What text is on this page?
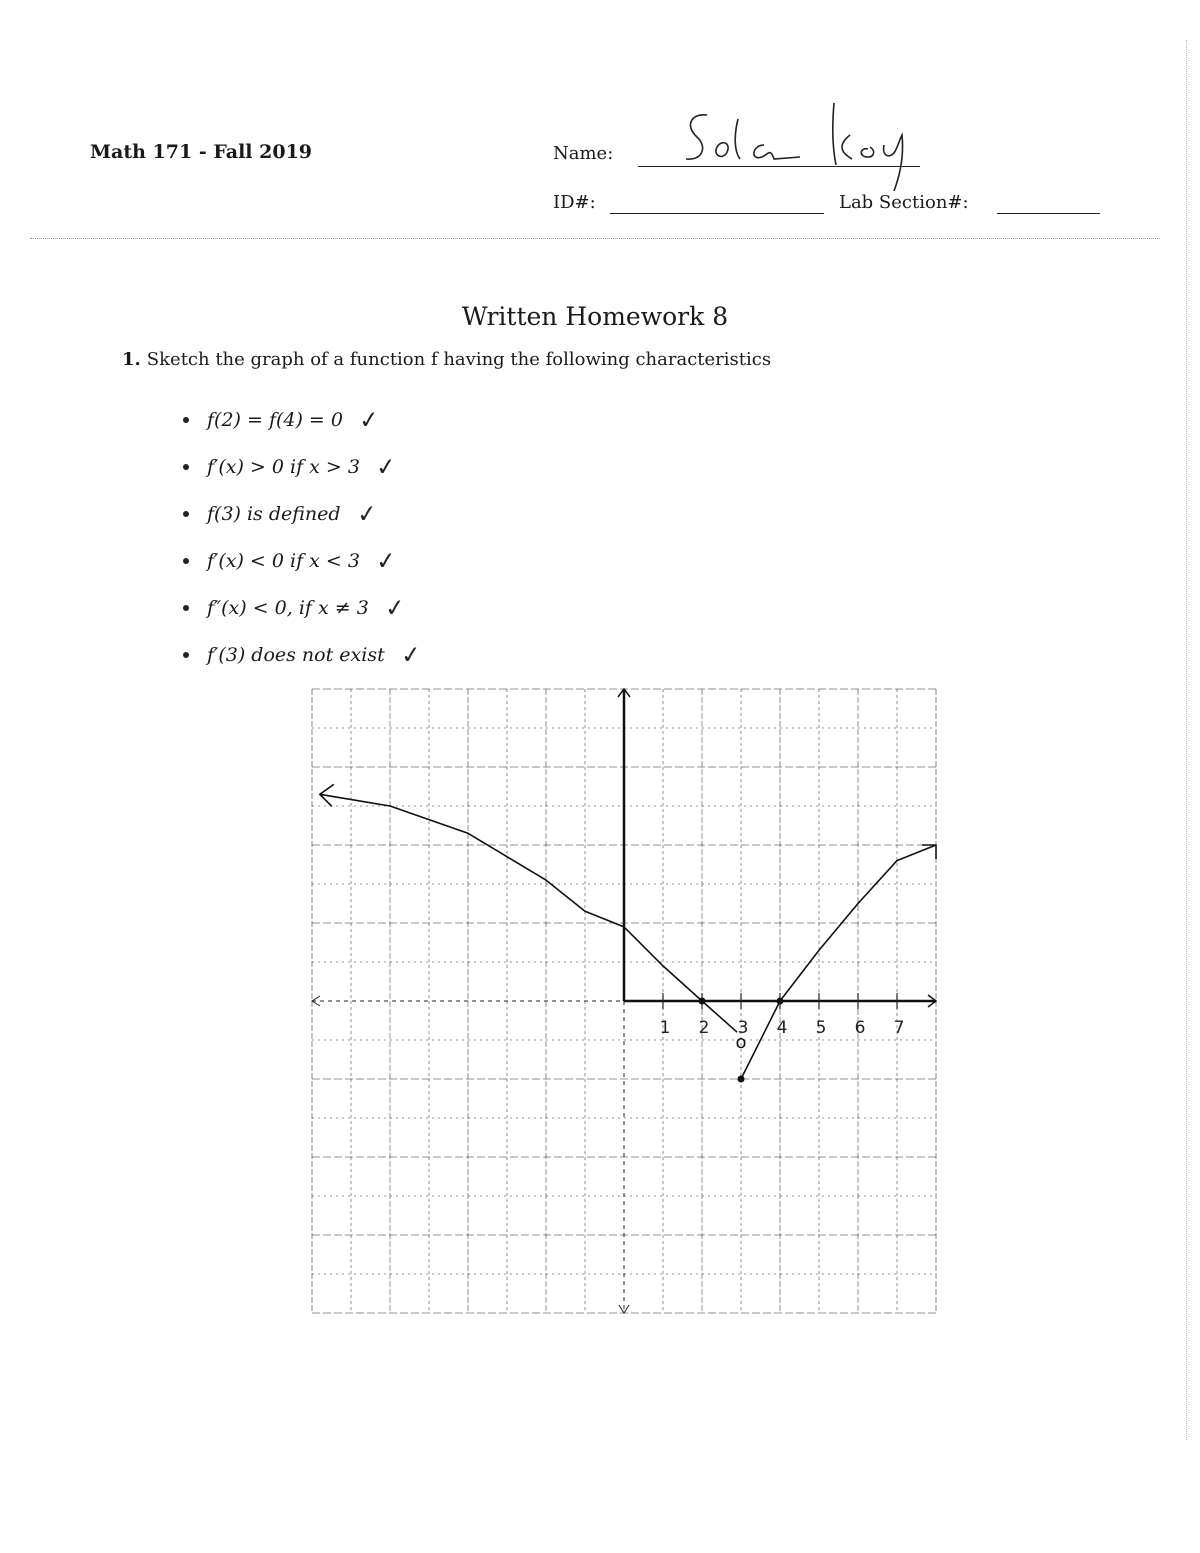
Math 171 - Fall 2019	Name:
ID#:	Lab Section#:
Written Homework 8
1. Sketch the graph of a function f having the following characteristics
f(2) = f(4) = 0 ✓
f′(x) > 0 if x > 3 ✓
f(3) is defined ✓
f′(x) < 0 if x < 3 ✓
f″(x) < 0, if x ≠ 3 ✓
f′(3) does not exist ✓
1 2 3 4 5 6 7
o
